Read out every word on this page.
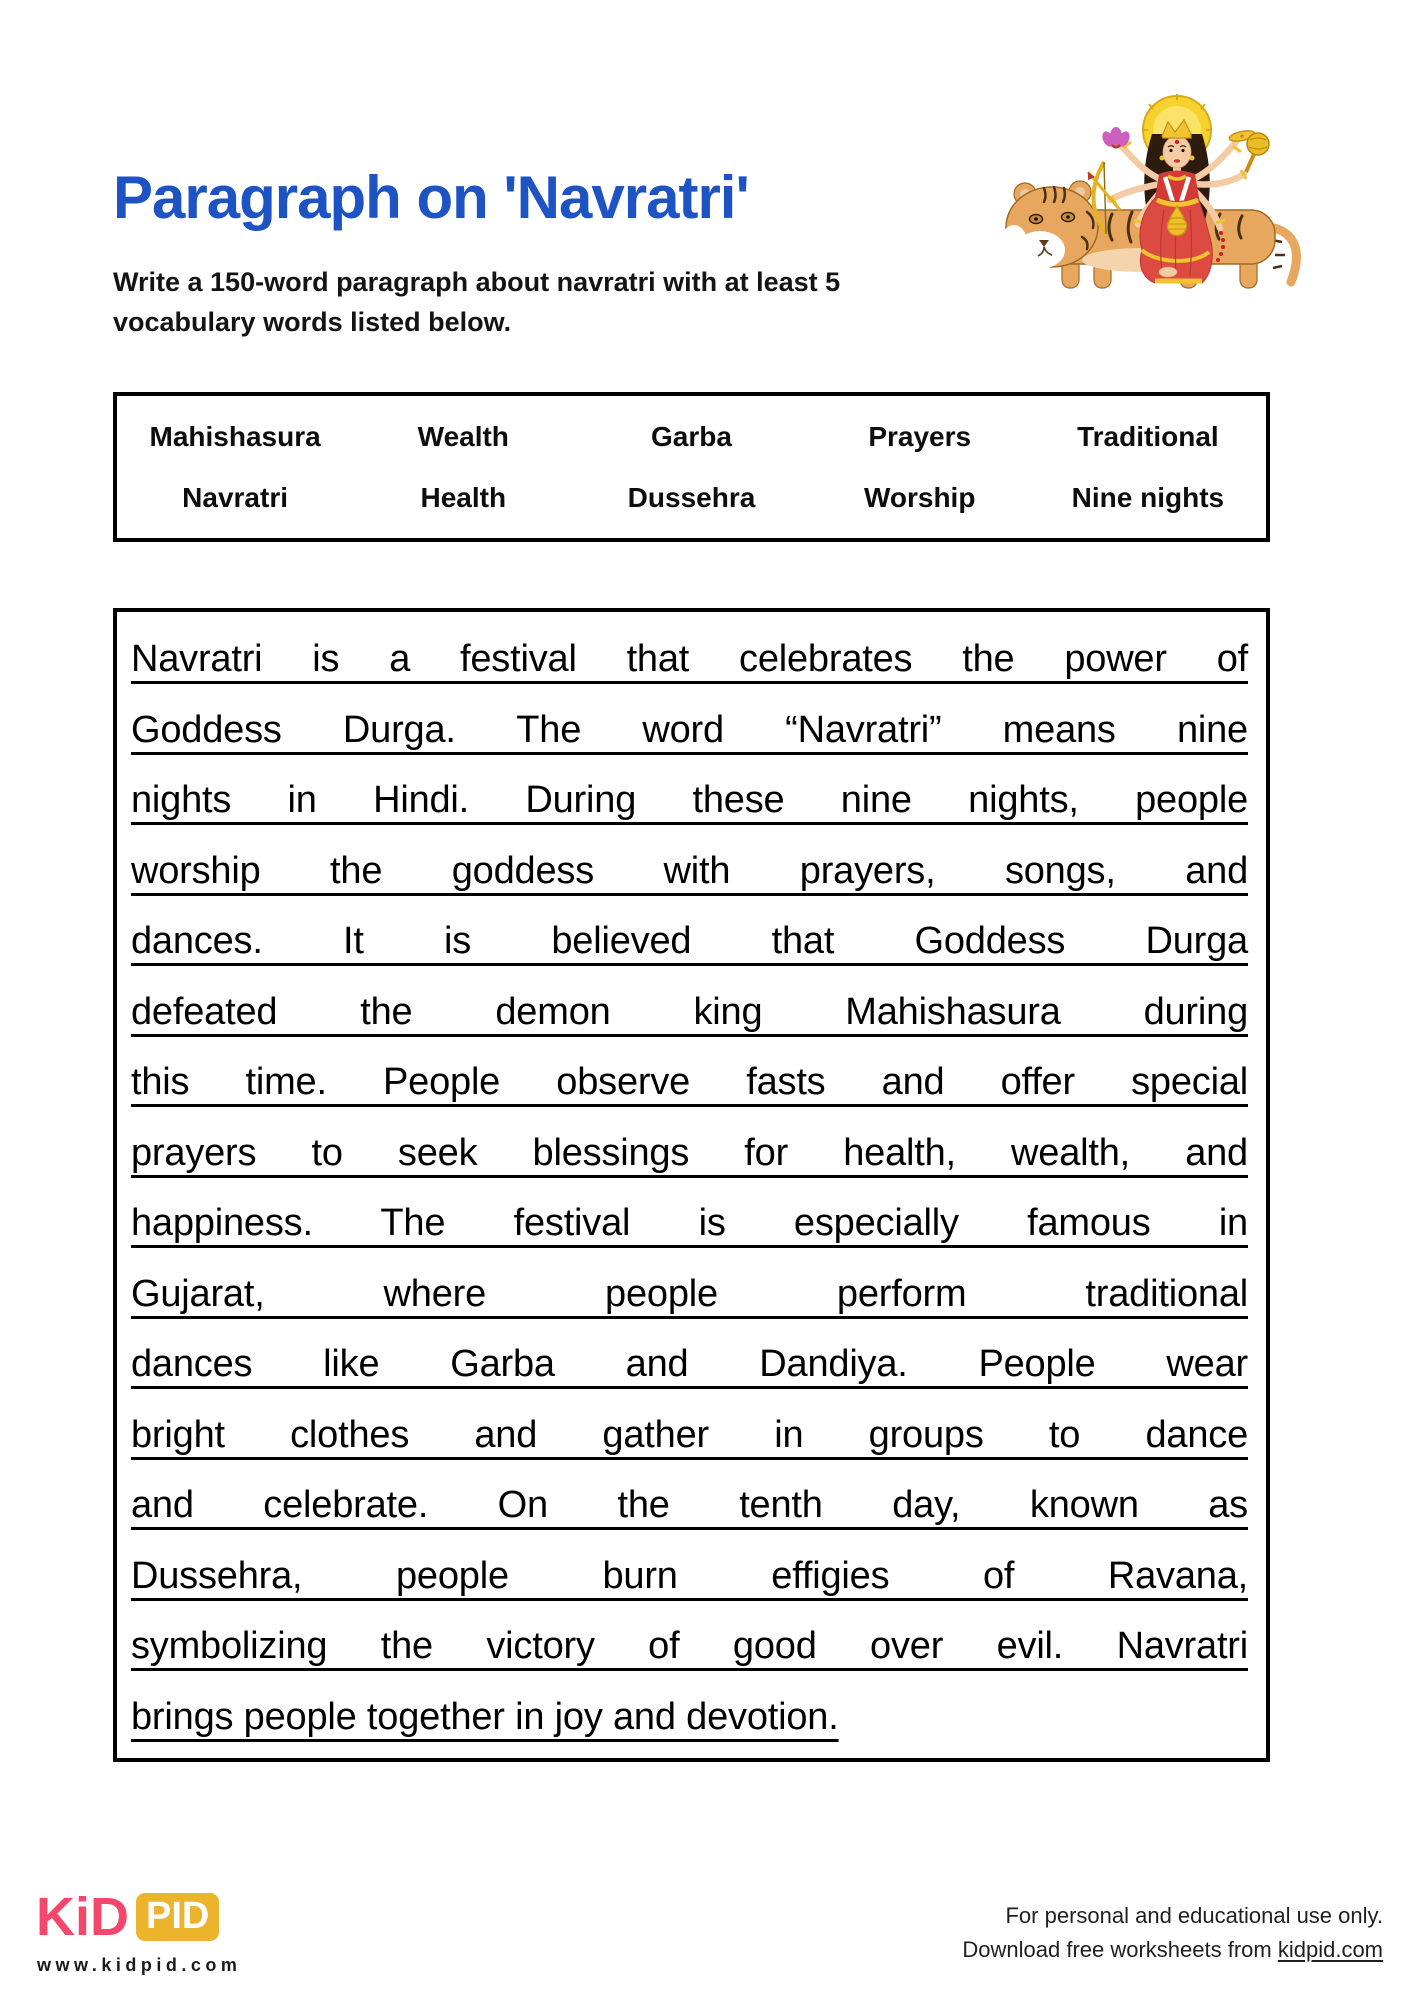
Paragraph on 'Navratri'

Write a 150-word paragraph about navratri with at least 5
vocabulary words listed below.

Mahishasura	Wealth	Garba	Prayers	Traditional
Navratri	Health	Dussehra	Worship	Nine nights
Navratri is a festival that celebrates the power of
Goddess Durga. The word “Navratri” means nine
nights in Hindi. During these nine nights, people
worship the goddess with prayers, songs, and
dances. It is believed that Goddess Durga
defeated the demon king Mahishasura during
this time. People observe fasts and offer special
prayers to seek blessings for health, wealth, and
happiness. The festival is especially famous in
Gujarat, where people perform traditional
dances like Garba and Dandiya. People wear
bright clothes and gather in groups to dance
and celebrate. On the tenth day, known as
Dussehra, people burn effigies of Ravana,
symbolizing the victory of good over evil. Navratri
brings people together in joy and devotion.
KiD PID
www.kidpid.com
For personal and educational use only.
Download free worksheets from kidpid.com
